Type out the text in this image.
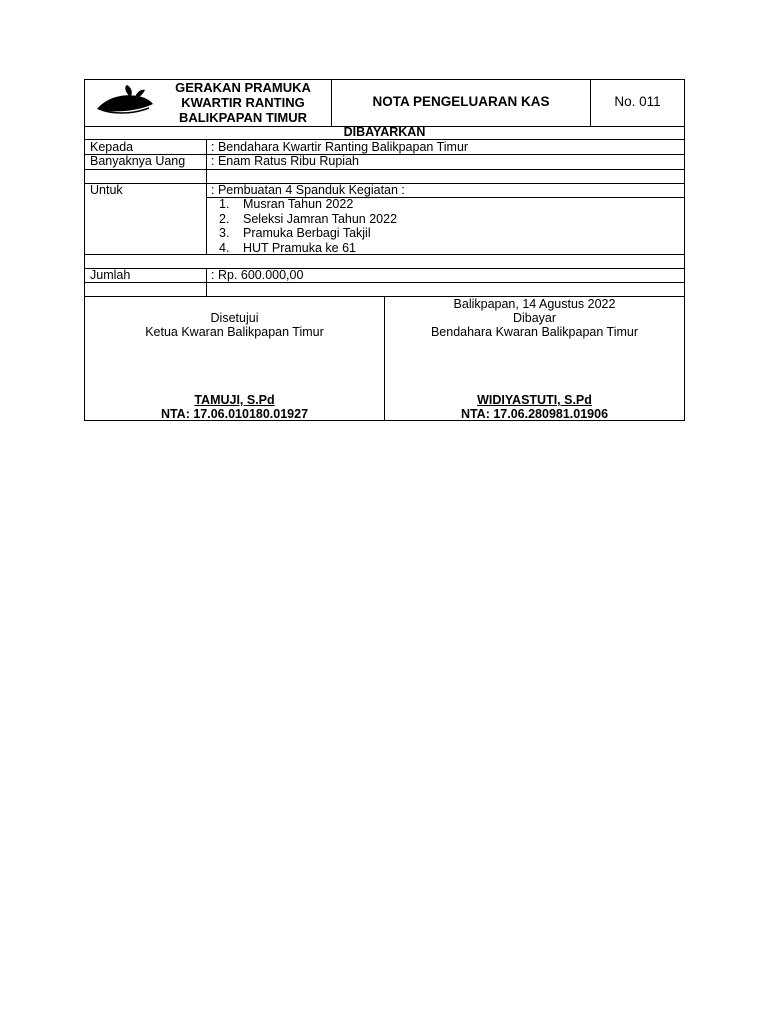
GERAKAN PRAMUKA
KWARTIR RANTING
BALIKPAPAN TIMUR
NOTA PENGELUARAN KAS	No. 011
DIBAYARKAN
Kepada	: Bendahara Kwartir Ranting Balikpapan Timur
Banyaknya Uang : Enam Ratus Ribu Rupiah
Untuk	: Pembuatan 4 Spanduk Kegiatan :
1. Musran Tahun 2022
2. Seleksi Jamran Tahun 2022
3. Pramuka Berbagi Takjil
4. HUT Pramuka ke 61
Jumlah	: Rp. 600.000,00
Disetujui
Ketua Kwaran Balikpapan Timur
TAMUJI, S.Pd
NTA: 17.06.010180.01927
Balikpapan, 14 Agustus 2022
Dibayar
Bendahara Kwaran Balikpapan Timur
WIDIYASTUTI, S.Pd
NTA: 17.06.280981.01906
